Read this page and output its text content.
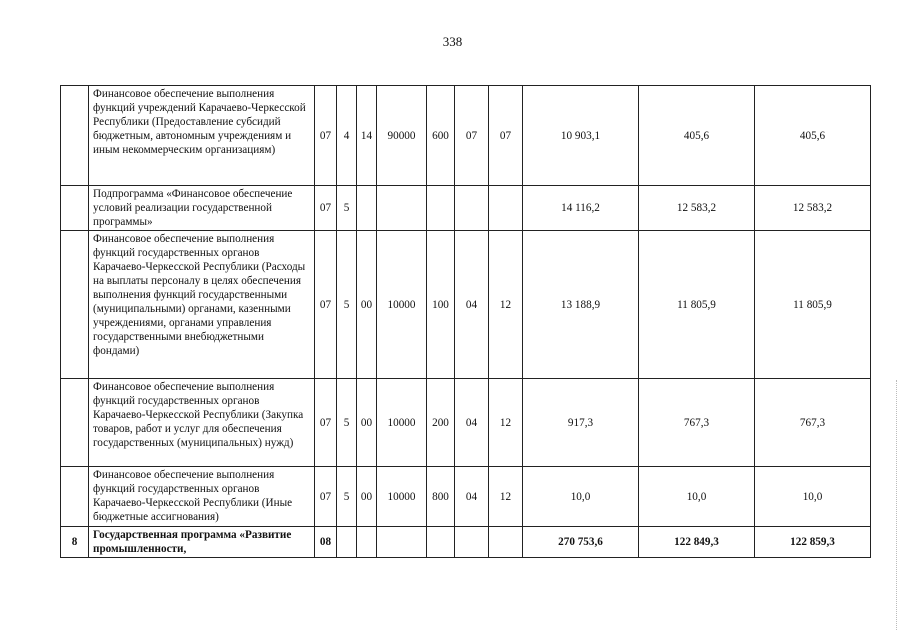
338
	Финансовое обеспечение выполнения функций учреждений Карачаево-Черкесской Республики (Предоставление субсидий бюджетным, автономным учреждениям и иным некоммерческим организациям)	07	4	14	90000	600	07	07	10 903,1	405,6	405,6
	Подпрограмма «Финансовое обеспечение условий реализации государственной программы»	07	5						14 116,2	12 583,2	12 583,2
	Финансовое обеспечение выполнения функций государственных органов Карачаево-Черкесской Республики (Расходы на выплаты персоналу в целях обеспечения выполнения функций государственными (муниципальными) органами, казенными учреждениями, органами управления государственными внебюджетными фондами)	07	5	00	10000	100	04	12	13 188,9	11 805,9	11 805,9
	Финансовое обеспечение выполнения функций государственных органов Карачаево-Черкесской Республики (Закупка товаров, работ и услуг для обеспечения государственных (муниципальных) нужд)	07	5	00	10000	200	04	12	917,3	767,3	767,3
	Финансовое обеспечение выполнения функций государственных органов Карачаево-Черкесской Республики (Иные бюджетные ассигнования)	07	5	00	10000	800	04	12	10,0	10,0	10,0
8	Государственная программа «Развитие промышленности,	08							270 753,6	122 849,3	122 859,3
